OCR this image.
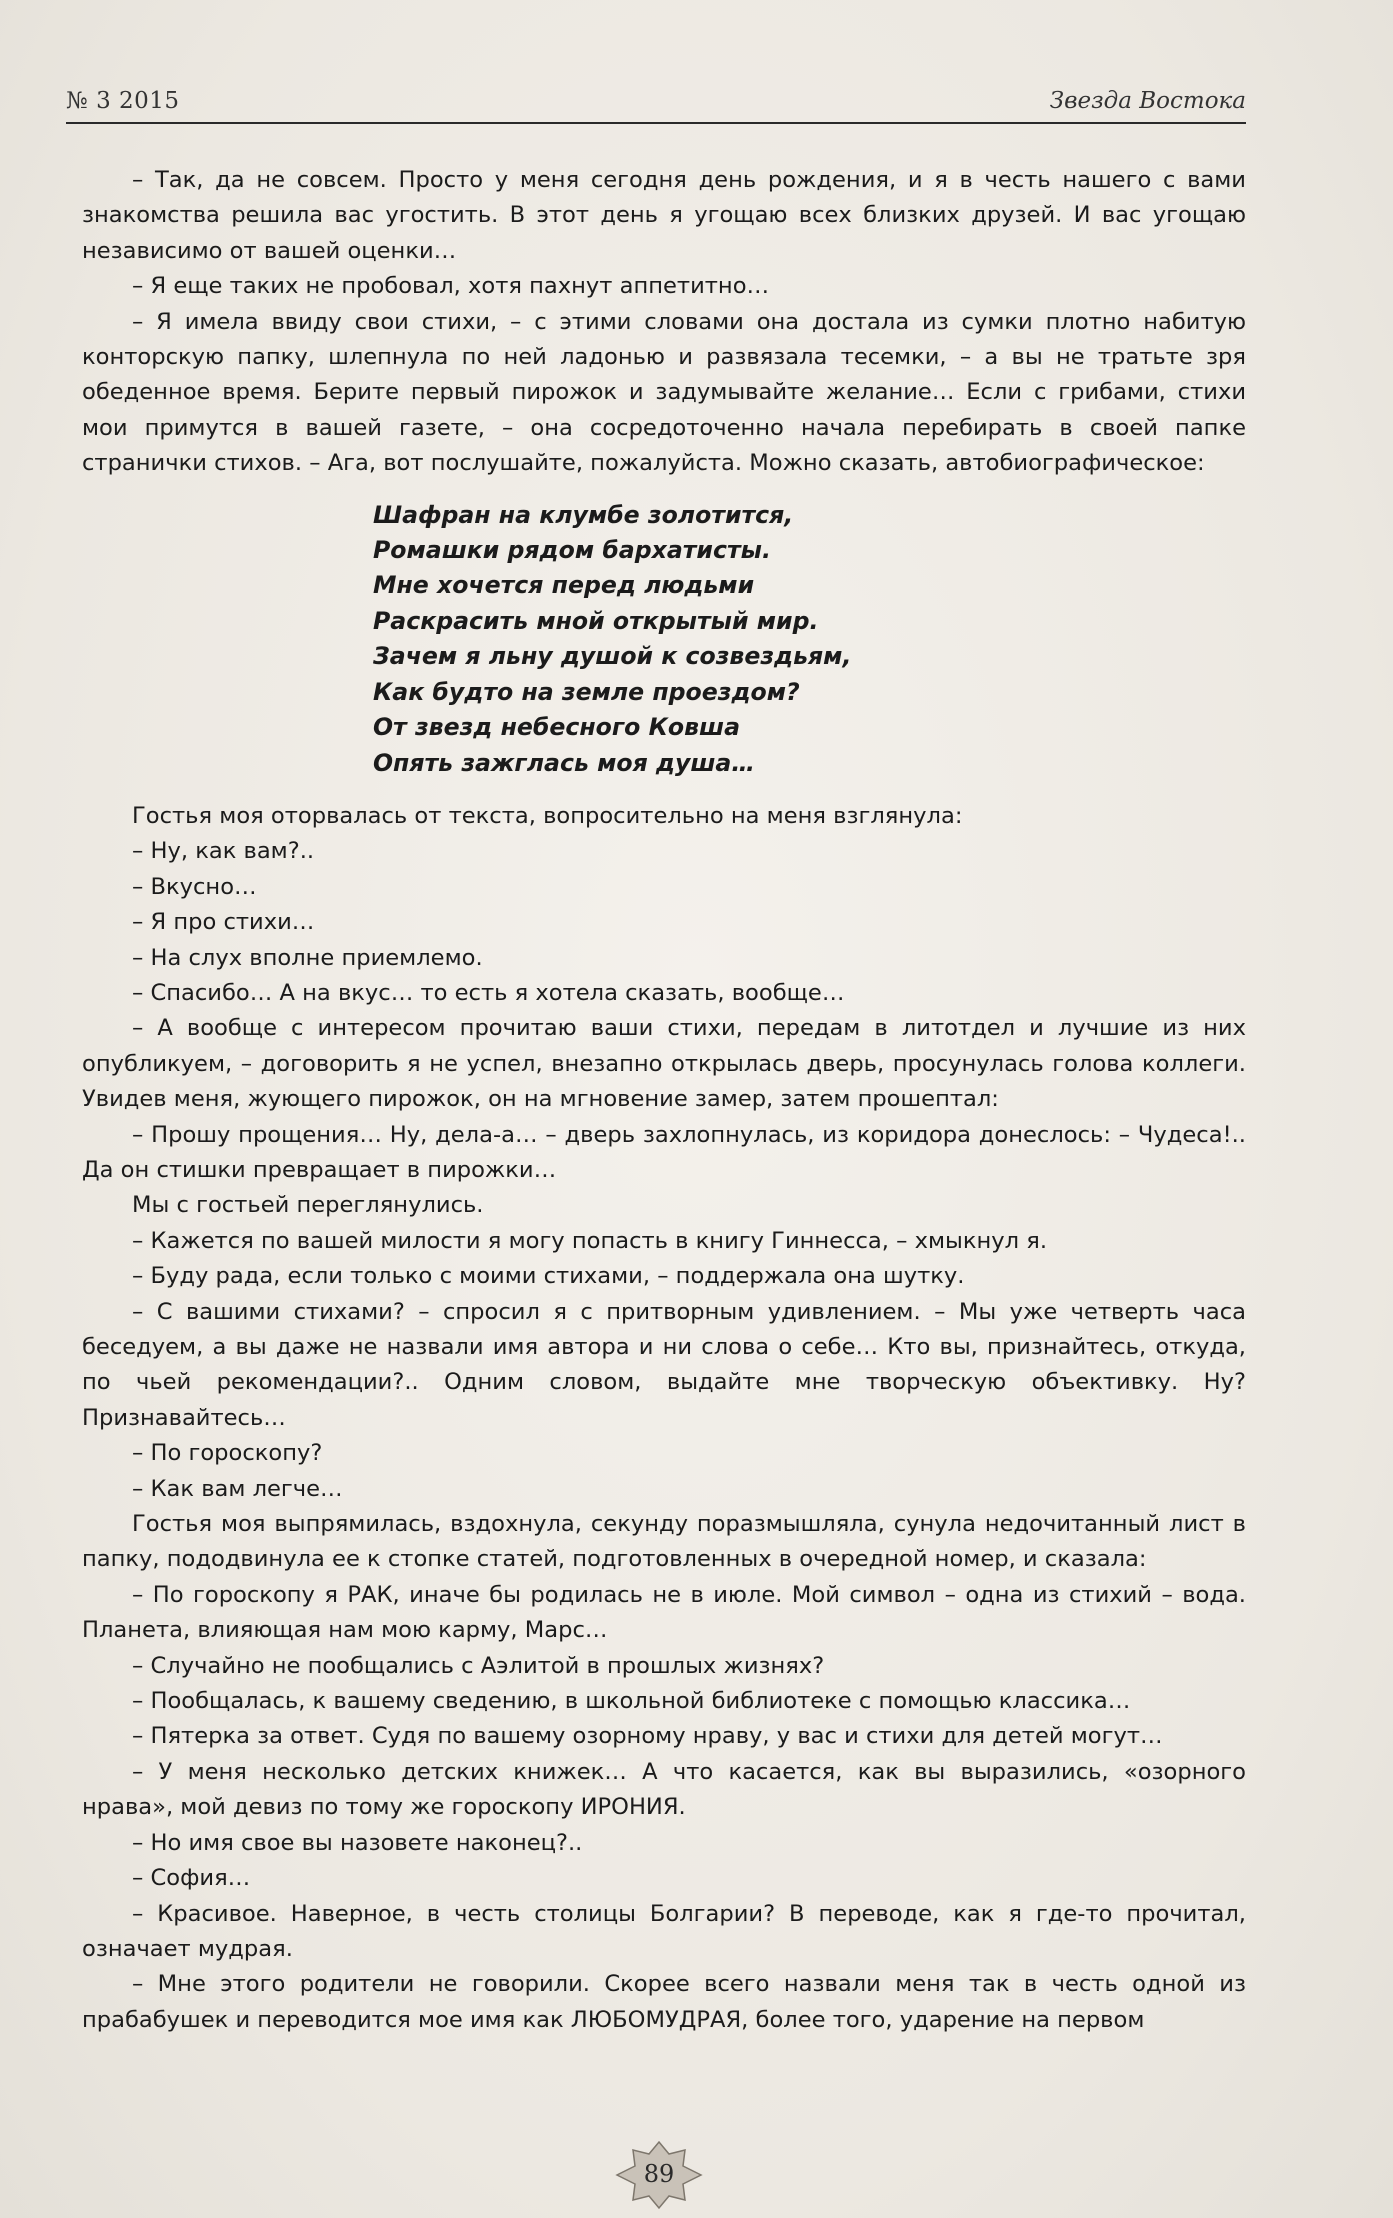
№ 3 2015	Звезда Востока

– Так, да не совсем. Просто у меня сегодня день рождения, и я в честь нашего с вами знакомства решила вас угостить. В этот день я угощаю всех близких друзей. И вас угощаю независимо от вашей оценки…

– Я еще таких не пробовал, хотя пахнут аппетитно…

– Я имела ввиду свои стихи, – с этими словами она достала из сумки плотно набитую конторскую папку, шлепнула по ней ладонью и развязала тесемки, – а вы не тратьте зря обеденное время. Берите первый пирожок и задумывайте желание… Если с грибами, стихи мои примутся в вашей газете, – она сосредоточенно начала перебирать в своей папке странички стихов. – Ага, вот послушайте, пожалуйста. Можно сказать, автобиографическое:

Шафран на клумбе золотится,
Ромашки рядом бархатисты.
Мне хочется перед людьми
Раскрасить мной открытый мир.
Зачем я льну душой к созвездьям,
Как будто на земле проездом?
От звезд небесного Ковша
Опять зажглась моя душа…

Гостья моя оторвалась от текста, вопросительно на меня взглянула:

– Ну, как вам?..

– Вкусно…

– Я про стихи…

– На слух вполне приемлемо.

– Спасибо… А на вкус… то есть я хотела сказать, вообще…

– А вообще с интересом прочитаю ваши стихи, передам в литотдел и лучшие из них опубликуем, – договорить я не успел, внезапно открылась дверь, просунулась голова коллеги. Увидев меня, жующего пирожок, он на мгновение замер, затем прошептал:

– Прошу прощения… Ну, дела-а… – дверь захлопнулась, из коридора донеслось: – Чудеса!.. Да он стишки превращает в пирожки…

Мы с гостьей переглянулись.

– Кажется по вашей милости я могу попасть в книгу Гиннесса, – хмыкнул я.

– Буду рада, если только с моими стихами, – поддержала она шутку.

– С вашими стихами? – спросил я с притворным удивлением. – Мы уже четверть часа беседуем, а вы даже не назвали имя автора и ни слова о себе… Кто вы, признайтесь, откуда, по чьей рекомендации?.. Одним словом, выдайте мне творческую объективку. Ну? Признавайтесь…

– По гороскопу?

– Как вам легче…

Гостья моя выпрямилась, вздохнула, секунду поразмышляла, сунула недочитанный лист в папку, пододвинула ее к стопке статей, подготовленных в очередной номер, и сказала:

– По гороскопу я РАК, иначе бы родилась не в июле. Мой символ – одна из стихий – вода. Планета, влияющая нам мою карму, Марс…

– Случайно не пообщались с Аэлитой в прошлых жизнях?

– Пообщалась, к вашему сведению, в школьной библиотеке с помощью классика…

– Пятерка за ответ. Судя по вашему озорному нраву, у вас и стихи для детей могут…

– У меня несколько детских книжек… А что касается, как вы выразились, «озорного нрава», мой девиз по тому же гороскопу ИРОНИЯ.

– Но имя свое вы назовете наконец?..

– София…

– Красивое. Наверное, в честь столицы Болгарии? В переводе, как я где-то прочитал, означает мудрая.

– Мне этого родители не говорили. Скорее всего назвали меня так в честь одной из прабабушек и переводится мое имя как ЛЮБОМУДРАЯ, более того, ударение на первом

89
